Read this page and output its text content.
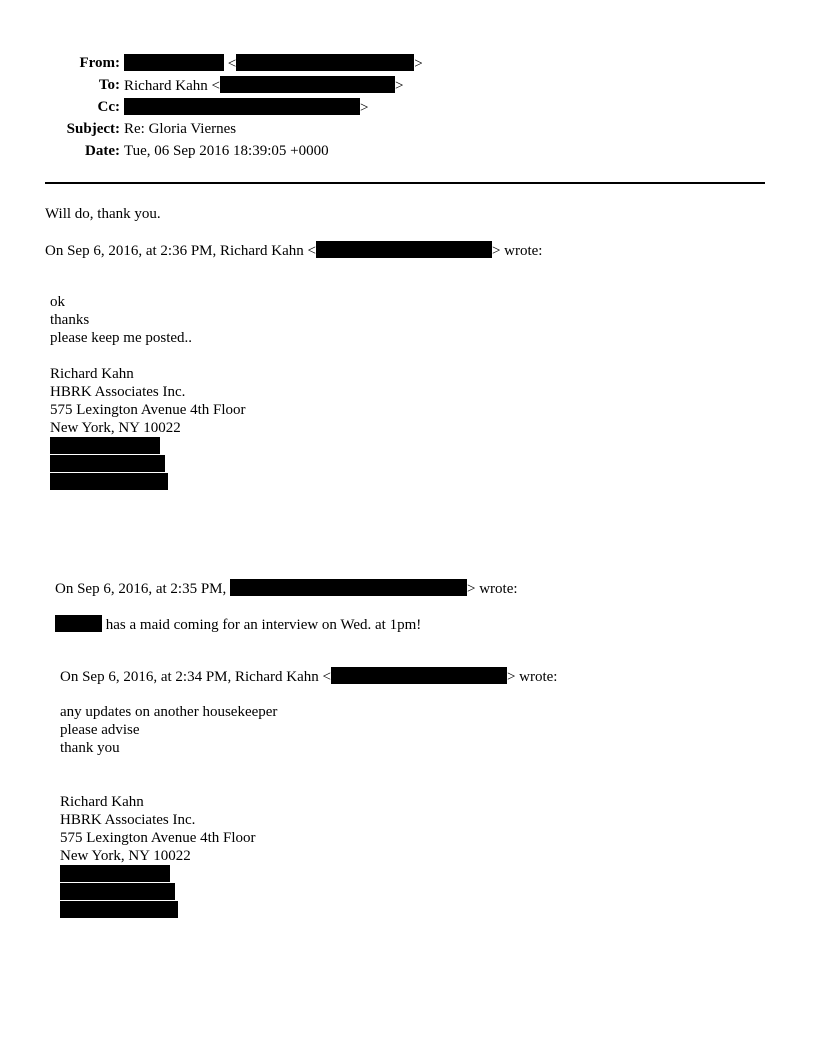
From:	<	>
To: Richard Kahn <	>
Cc:	>
Subject: Re: Gloria Viernes
Date: Tue, 06 Sep 2016 18:39:05 +0000
Will do, thank you.
On Sep 6, 2016, at 2:36 PM, Richard Kahn <	> wrote:
ok
thanks
please keep me posted..
Richard Kahn
HBRK Associates Inc.
575 Lexington Avenue 4th Floor
New York, NY 10022
On Sep 6, 2016, at 2:35 PM,	> wrote:
has a maid coming for an interview on Wed. at 1pm!
On Sep 6, 2016, at 2:34 PM, Richard Kahn <	> wrote:
any updates on another housekeeper
please advise
thank you
Richard Kahn
HBRK Associates Inc.
575 Lexington Avenue 4th Floor
New York, NY 10022
